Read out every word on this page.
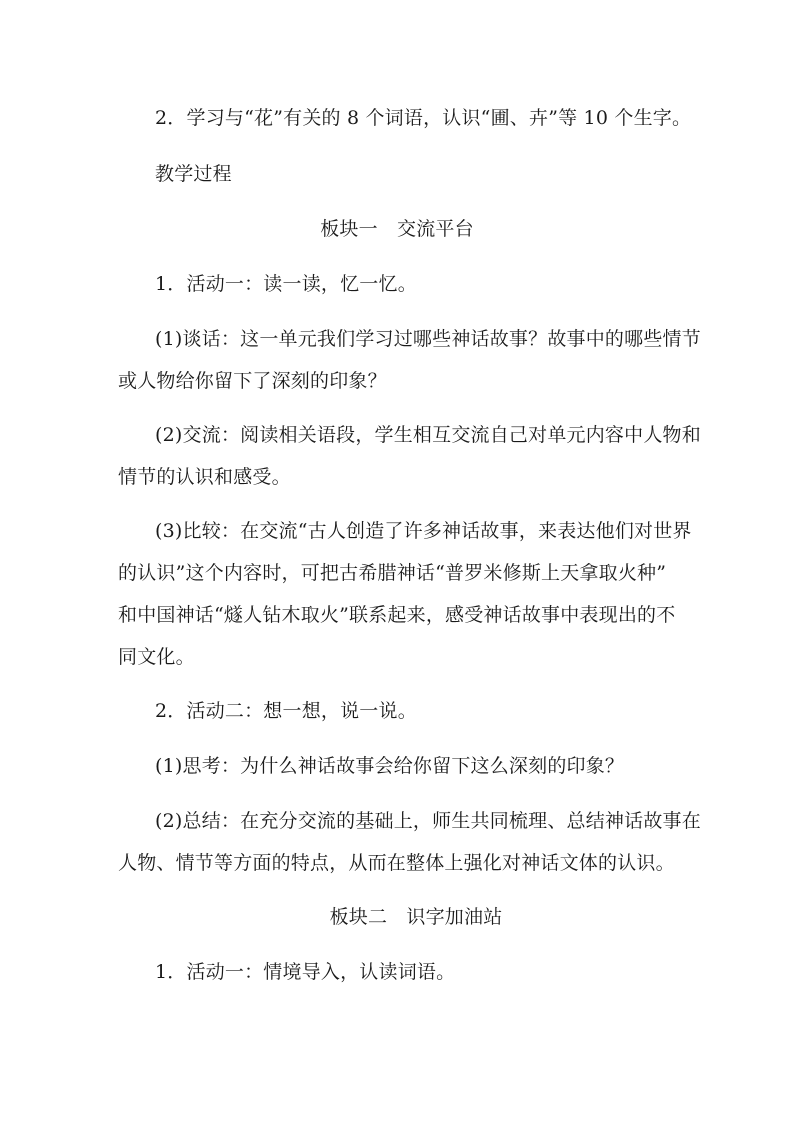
2．学习与“花”有关的 8 个词语，认识“圃、卉”等 10 个生字。
教学过程
板块一　交流平台
1．活动一：读一读，忆一忆。
(1)谈话：这一单元我们学习过哪些神话故事？故事中的哪些情节
或人物给你留下了深刻的印象？
(2)交流：阅读相关语段，学生相互交流自己对单元内容中人物和
情节的认识和感受。
(3)比较：在交流“古人创造了许多神话故事，来表达他们对世界
的认识”这个内容时，可把古希腊神话“普罗米修斯上天拿取火种”
和中国神话“燧人钻木取火”联系起来，感受神话故事中表现出的不
同文化。
2．活动二：想一想，说一说。
(1)思考：为什么神话故事会给你留下这么深刻的印象？
(2)总结：在充分交流的基础上，师生共同梳理、总结神话故事在
人物、情节等方面的特点，从而在整体上强化对神话文体的认识。
板块二　识字加油站
1．活动一：情境导入，认读词语。
